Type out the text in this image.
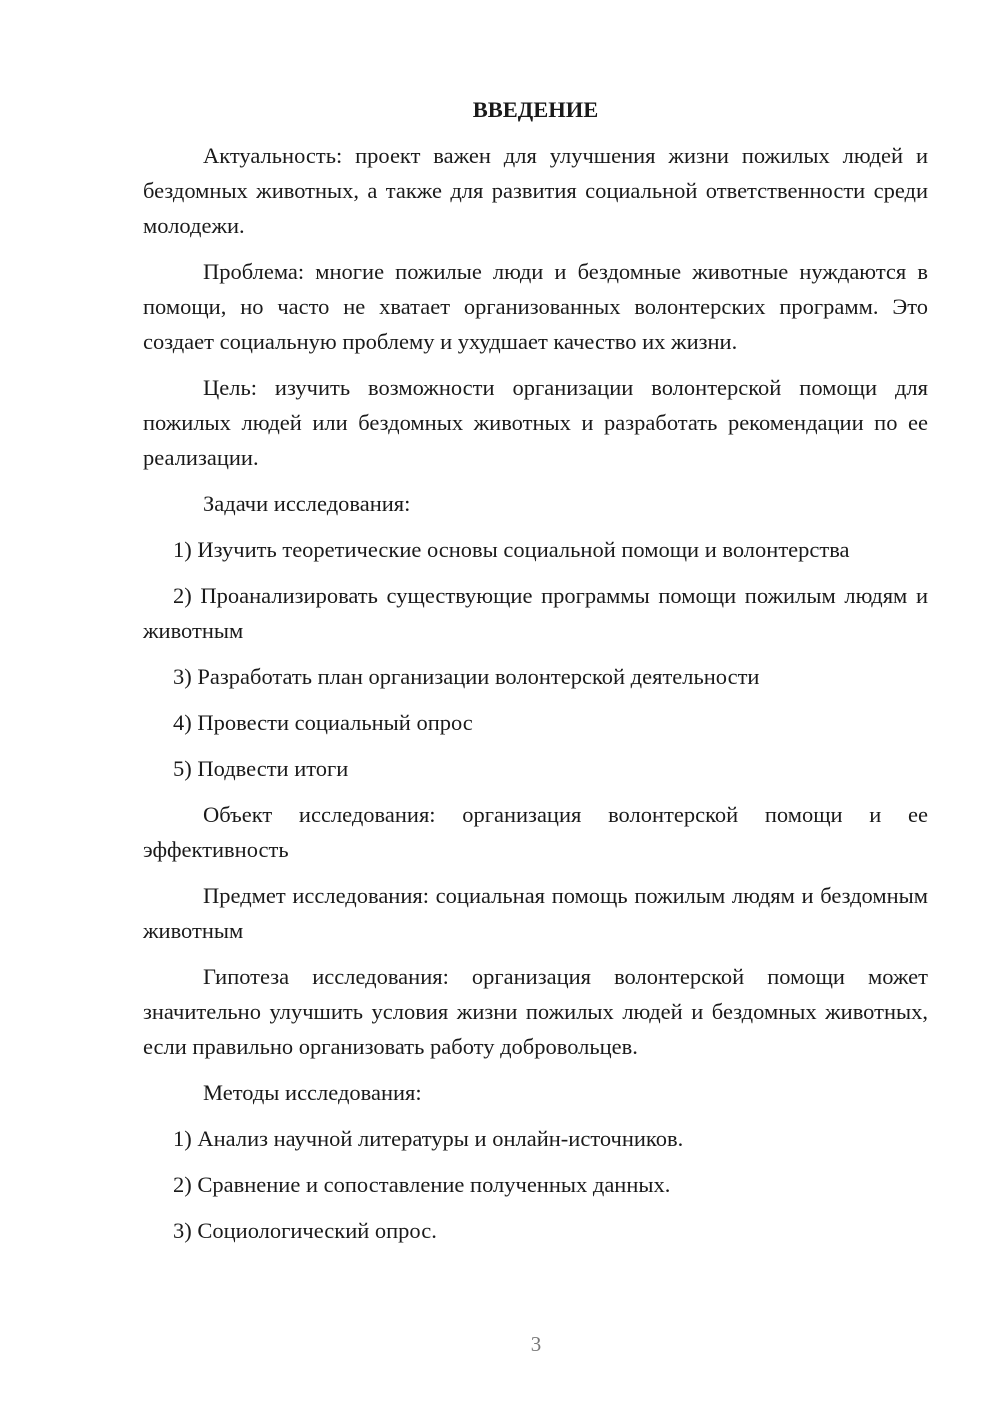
ВВЕДЕНИЕ

Актуальность: проект важен для улучшения жизни пожилых людей и бездомных животных, а также для развития социальной ответственности среди молодежи.

Проблема: многие пожилые люди и бездомные животные нуждаются в помощи, но часто не хватает организованных волонтерских программ. Это создает социальную проблему и ухудшает качество их жизни.

Цель: изучить возможности организации волонтерской помощи для пожилых людей или бездомных животных и разработать рекомендации по ее реализации.

Задачи исследования:

1) Изучить теоретические основы социальной помощи и волонтерства

2) Проанализировать существующие программы помощи пожилым людям и животным

3) Разработать план организации волонтерской деятельности

4) Провести социальный опрос

5) Подвести итоги

Объект исследования: организация волонтерской помощи и ее эффективность

Предмет исследования: социальная помощь пожилым людям и бездомным животным

Гипотеза исследования: организация волонтерской помощи может значительно улучшить условия жизни пожилых людей и бездомных животных, если правильно организовать работу добровольцев.

Методы исследования:

1) Анализ научной литературы и онлайн-источников.

2) Сравнение и сопоставление полученных данных.

3) Социологический опрос.

3
